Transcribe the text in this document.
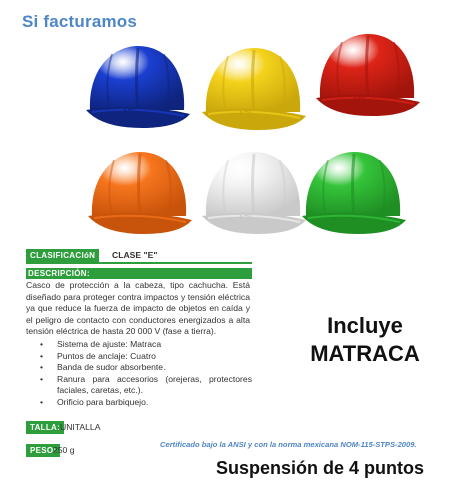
Si facturamos
API	API
API
API
CLASIFICACIóN	CLASE "E"
DESCRIPCIÓN:
Casco de protección a la cabeza, tipo cachucha. Está diseñado para proteger contra impactos y tensión eléctrica ya que reduce la fuerza de impacto de objetos en caída y el peligro de contacto con conductores energizados a alta tensión eléctrica de hasta 20 000 V (fase a tierra).
• Sistema de ajuste: Matraca
• Puntos de anclaje: Cuatro
• Banda de sudor absorbente.
• Ranura para accesorios (orejeras, protectores faciales, caretas, etc.).
• Orificio para barbiquejo.
TALLA: UNITALLA
PESO:
250 g
Incluye
MATRACA
Certificado bajo la ANSI y con la norma mexicana NOM-115-STPS-2009.
Suspensión de 4 puntos
